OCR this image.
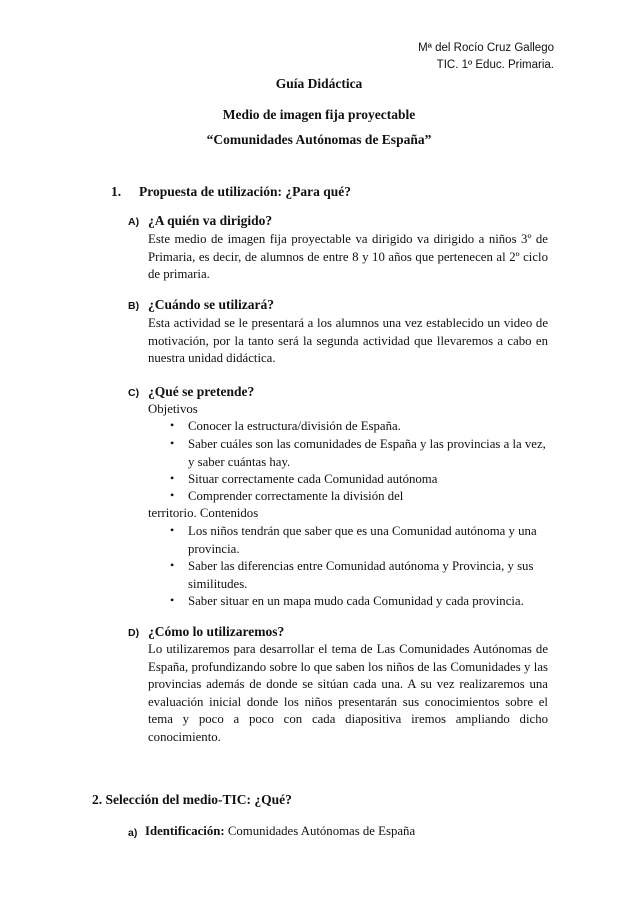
Mª del Rocío Cruz Gallego
TIC. 1º Educ. Primaria.
Guía Didáctica
Medio de imagen fija proyectable
“Comunidades Autónomas de España”
1. Propuesta de utilización: ¿Para qué?
A) ¿A quién va dirigido?
Este medio de imagen fija proyectable va dirigido va dirigido a niños 3º de Primaria, es decir, de alumnos de entre 8 y 10 años que pertenecen al 2º ciclo de primaria.
B) ¿Cuándo se utilizará?
Esta actividad se le presentará a los alumnos una vez establecido un video de motivación, por la tanto será la segunda actividad que llevaremos a cabo en nuestra unidad didáctica.
C) ¿Qué se pretende?
Objetivos
• Conocer la estructura/división de España.
• Saber cuáles son las comunidades de España y las provincias a la vez, y saber cuántas hay.
• Situar correctamente cada Comunidad autónoma
• Comprender correctamente la división del
territorio. Contenidos
• Los niños tendrán que saber que es una Comunidad autónoma y una provincia.
• Saber las diferencias entre Comunidad autónoma y Provincia, y sus similitudes.
• Saber situar en un mapa mudo cada Comunidad y cada provincia.
D) ¿Cómo lo utilizaremos?
Lo utilizaremos para desarrollar el tema de Las Comunidades Autónomas de España, profundizando sobre lo que saben los niños de las Comunidades y las provincias además de donde se sitúan cada una. A su vez realizaremos una evaluación inicial donde los niños presentarán sus conocimientos sobre el tema y poco a poco con cada diapositiva iremos ampliando dicho conocimiento.
2. Selección del medio-TIC: ¿Qué?
a) Identificación: Comunidades Autónomas de España
